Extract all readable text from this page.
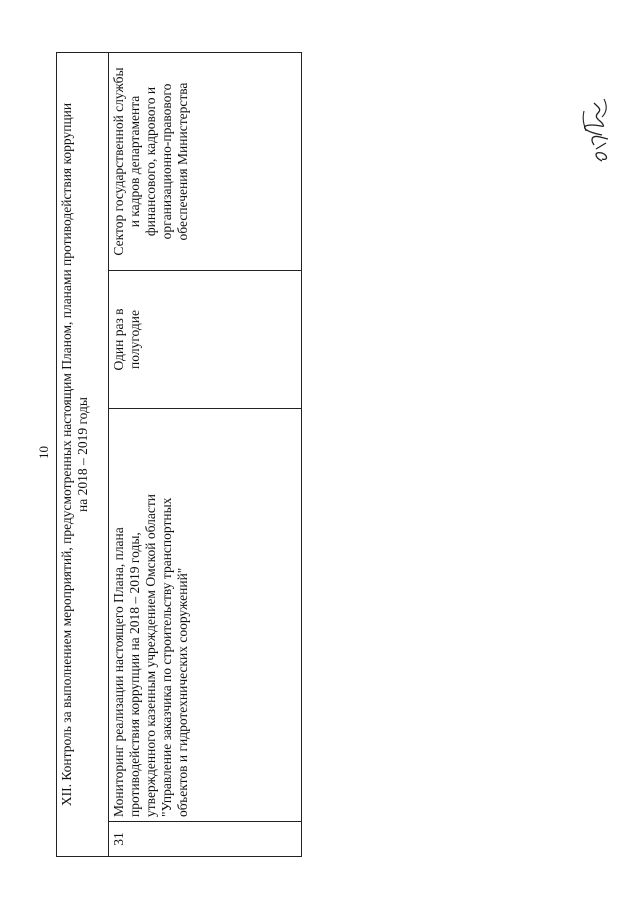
10
XII. Контроль за выполнением мероприятий, предусмотренных настоящим Планом, планами противодействия коррупции
на 2018 – 2019 годы
31
Мониторинг реализации настоящего Плана, плана
противодействия коррупции на 2018 – 2019 годы,
утвержденного казенным учреждением Омской области
"Управление заказчика по строительству транспортных
объектов и гидротехнических сооружений"
Один раз в
полугодие
Сектор государственной службы
и кадров департамента
финансового, кадрового и
организационно-правового
обеспечения Министерства
